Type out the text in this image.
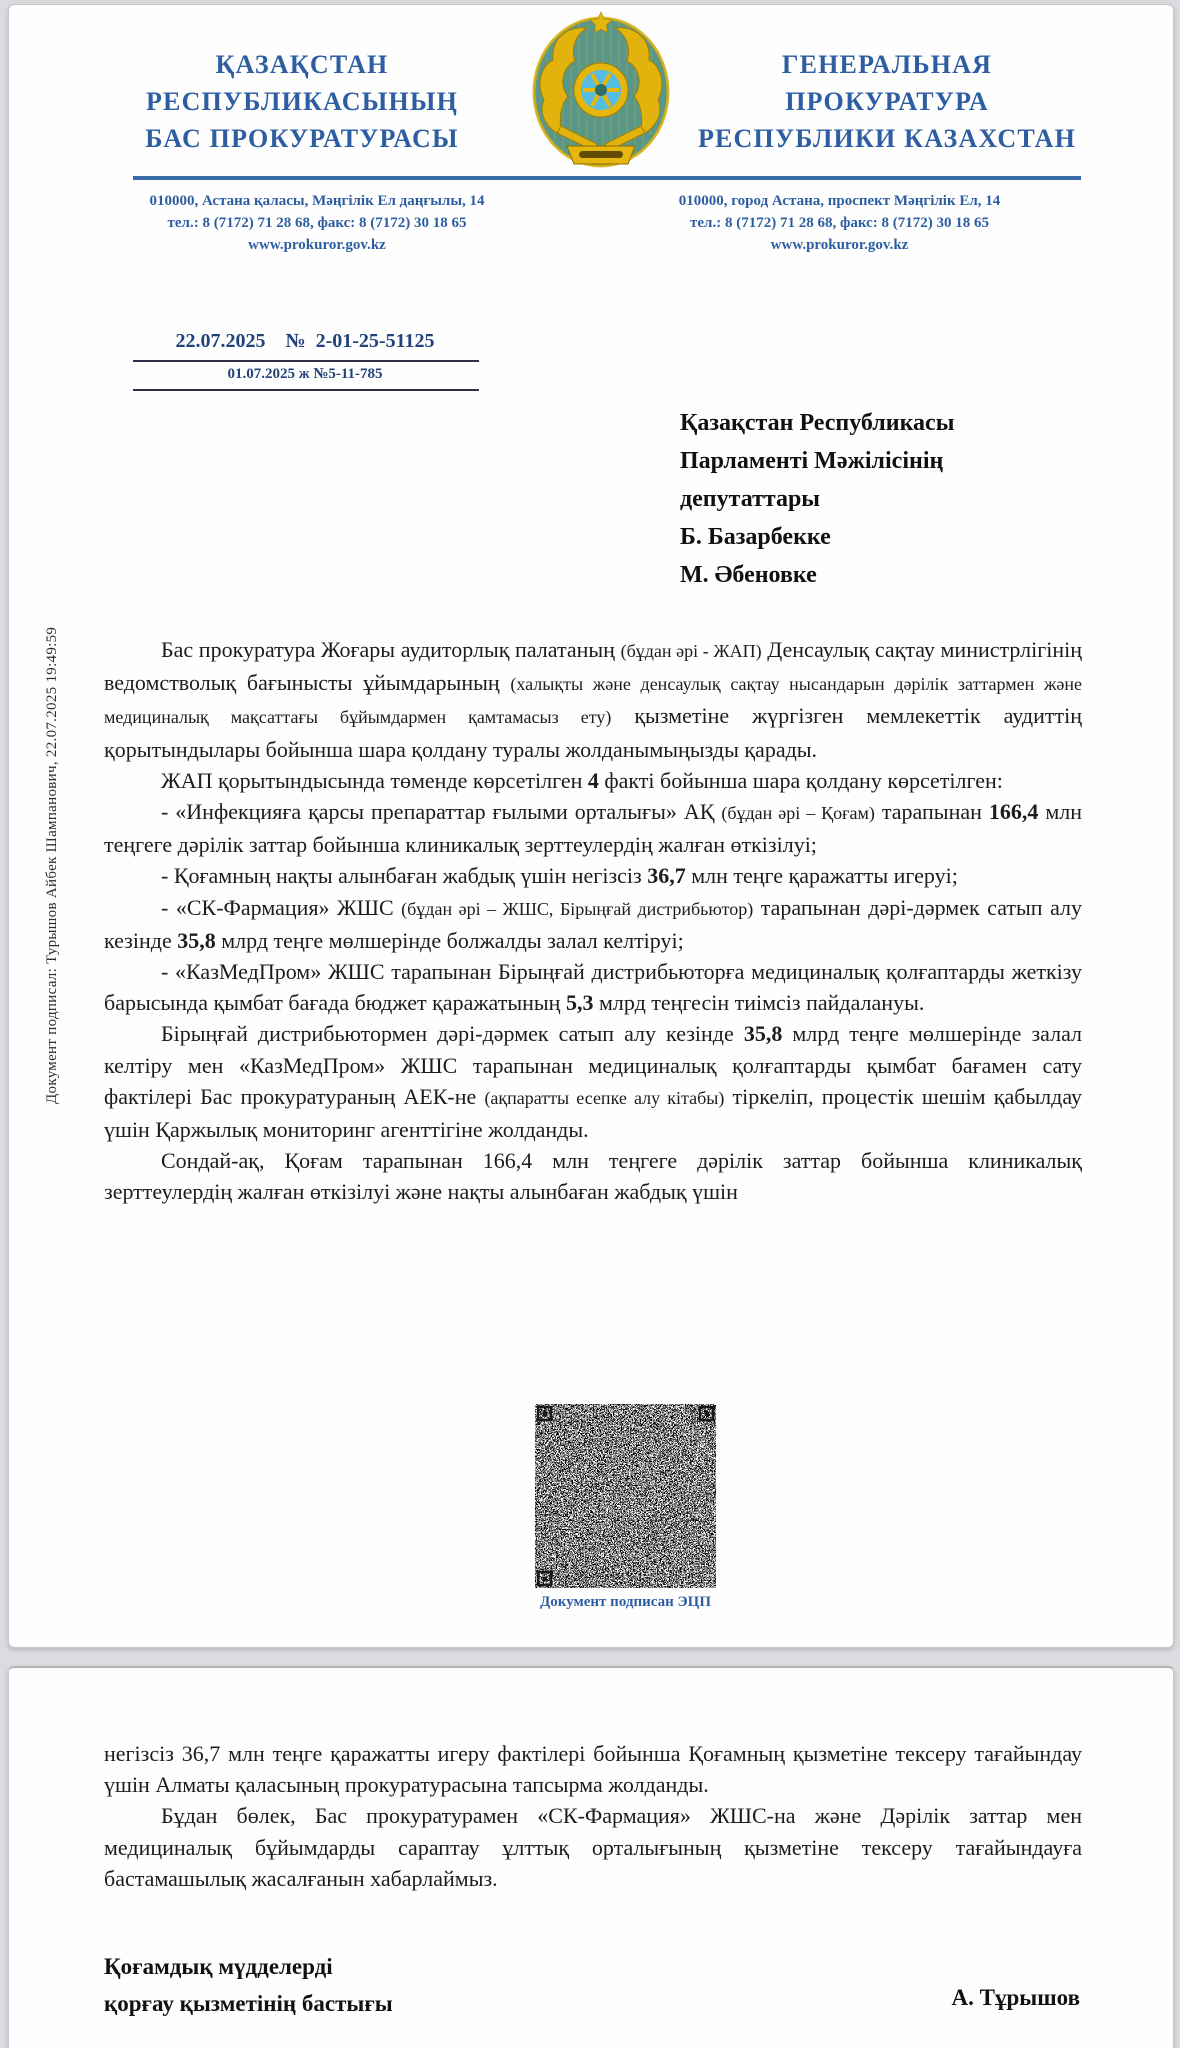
ҚАЗАҚСТАН
РЕСПУБЛИКАСЫНЫҢ
БАС ПРОКУРАТУРАСЫ
ГЕНЕРАЛЬНАЯ
ПРОКУРАТУРА
РЕСПУБЛИКИ КАЗАХСТАН
010000, Астана қаласы, Мәңгілік Ел даңғылы, 14
тел.: 8 (7172) 71 28 68, факс: 8 (7172) 30 18 65
www.prokuror.gov.kz
010000, город Астана, проспект Мәңгілік Ел, 14
тел.: 8 (7172) 71 28 68, факс: 8 (7172) 30 18 65
www.prokuror.gov.kz
22.07.2025    №  2-01-25-51125
01.07.2025 ж №5-11-785
Қазақстан Республикасы
Парламенті Мәжілісінің
депутаттары
Б. Базарбекке
М. Әбеновке

Бас прокуратура Жоғары аудиторлық палатаның (бұдан әрі - ЖАП) Денсаулық сақтау министрлігінің ведомстволық бағынысты ұйымдарының (халықты және денсаулық сақтау нысандарын дәрілік заттармен және медициналық мақсаттағы бұйымдармен қамтамасыз ету) қызметіне жүргізген мемлекеттік аудиттің қорытындылары бойынша шара қолдану туралы жолданымыңызды қарады.

ЖАП қорытындысында төменде көрсетілген 4 факті бойынша шара қолдану көрсетілген:

- «Инфекцияға қарсы препараттар ғылыми орталығы» АҚ (бұдан әрі – Қоғам) тарапынан 166,4 млн теңгеге дәрілік заттар бойынша клиникалық зерттеулердің жалған өткізілуі;

- Қоғамның нақты алынбаған жабдық үшін негізсіз 36,7 млн теңге қаражатты игеруі;

- «СК-Фармация» ЖШС (бұдан әрі – ЖШС, Бірыңғай дистрибьютор) тарапынан дәрі-дәрмек сатып алу кезінде 35,8 млрд теңге мөлшерінде болжалды залал келтіруі;

- «КазМедПром» ЖШС тарапынан Бірыңғай дистрибьюторға медициналық қолғаптарды жеткізу барысында қымбат бағада бюджет қаражатының 5,3 млрд теңгесін тиімсіз пайдалануы.

Бірыңғай дистрибьютормен дәрі-дәрмек сатып алу кезінде 35,8 млрд теңге мөлшерінде залал келтіру мен «КазМедПром» ЖШС тарапынан медициналық қолғаптарды қымбат бағамен сату фактілері Бас прокуратураның АЕК-не (ақпаратты есепке алу кітабы) тіркеліп, процестік шешім қабылдау үшін Қаржылық мониторинг агенттігіне жолданды.

Сондай-ақ, Қоғам тарапынан 166,4 млн теңгеге дәрілік заттар бойынша клиникалық зерттеулердің жалған өткізілуі және нақты алынбаған жабдық үшін

Документ подписан ЭЦП
Документ подписал: Турышов Айбек Шампанович, 22.07.2025 19:49:59

негізсіз 36,7 млн теңге қаражатты игеру фактілері бойынша Қоғамның қызметіне тексеру тағайындау үшін Алматы қаласының прокуратурасына тапсырма жолданды.

Бұдан бөлек, Бас прокуратурамен «СК-Фармация» ЖШС-на және Дәрілік заттар мен медициналық бұйымдарды сараптау ұлттық орталығының қызметіне тексеру тағайындауға бастамашылық жасалғанын хабарлаймыз.

Қоғамдық мүдделерді
қорғау қызметінің бастығы	А. Тұрышов
